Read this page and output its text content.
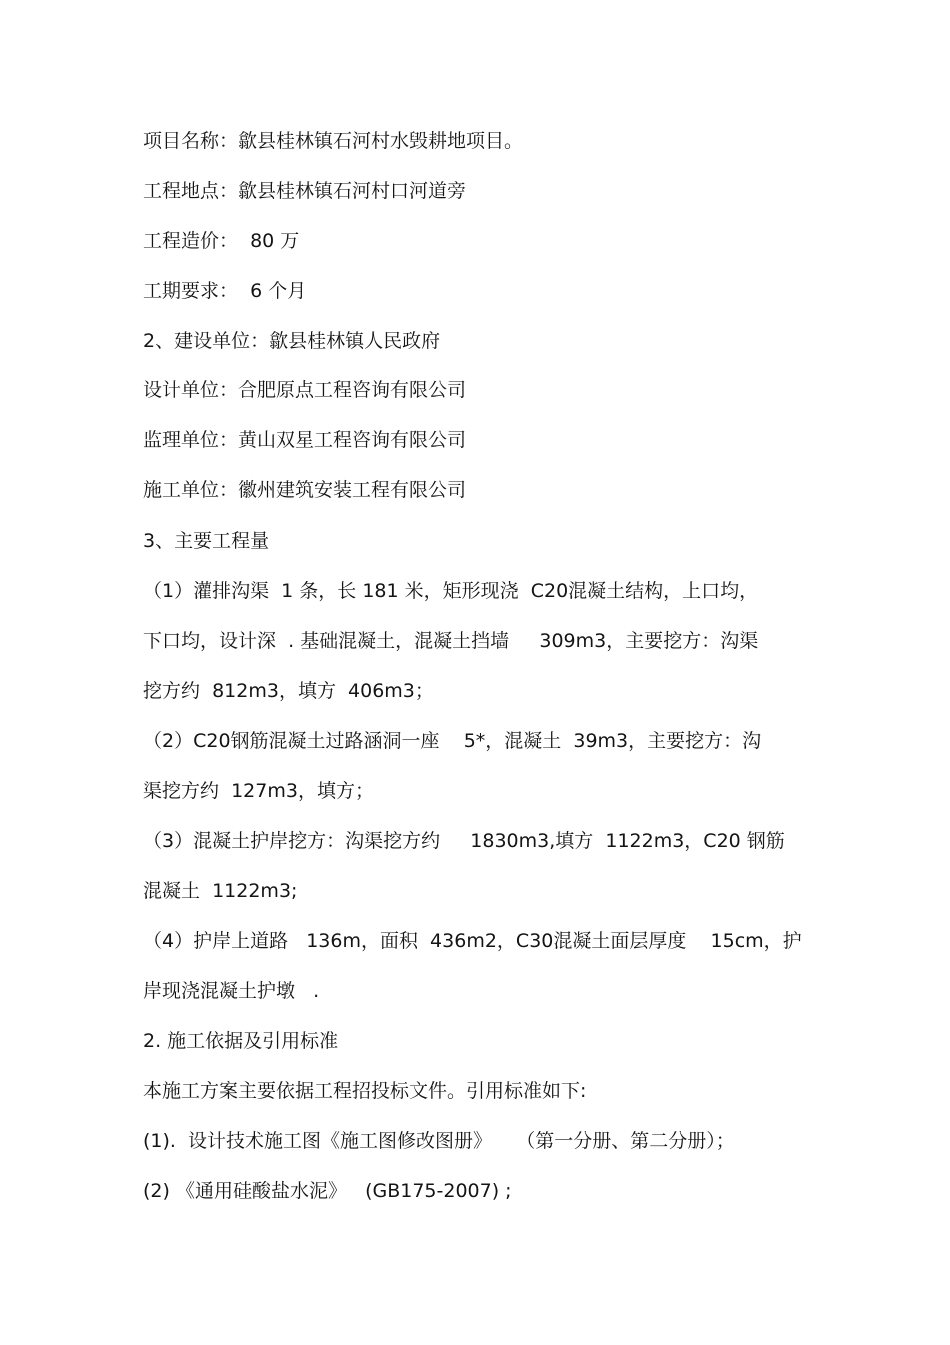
项目名称：歙县桂林镇石河村水毁耕地项目。
工程地点：歙县桂林镇石河村口河道旁
工程造价：  80 万
工期要求：  6 个月
2、建设单位：歙县桂林镇人民政府
设计单位：合肥原点工程咨询有限公司
监理单位：黄山双星工程咨询有限公司
施工单位：徽州建筑安装工程有限公司
3、主要工程量
（1）灌排沟渠  1 条，长 181 米，矩形现浇  C20混凝土结构，上口均，
下口均，设计深  . 基础混凝土，混凝土挡墙     309m3，主要挖方：沟渠
挖方约  812m3，填方  406m3；
（2）C20钢筋混凝土过路涵洞一座    5*，混凝土  39m3，主要挖方：沟
渠挖方约  127m3，填方；
（3）混凝土护岸挖方：沟渠挖方约     1830m3,填方  1122m3，C20 钢筋
混凝土  1122m3;
（4）护岸上道路   136m，面积  436m2，C30混凝土面层厚度    15cm，护
岸现浇混凝土护墩   .
2. 施工依据及引用标准
本施工方案主要依据工程招投标文件。引用标准如下:
(1).  设计技术施工图《施工图修改图册》    （第一分册、第二分册）；
(2) 《通用硅酸盐水泥》   (GB175-2007) ;
